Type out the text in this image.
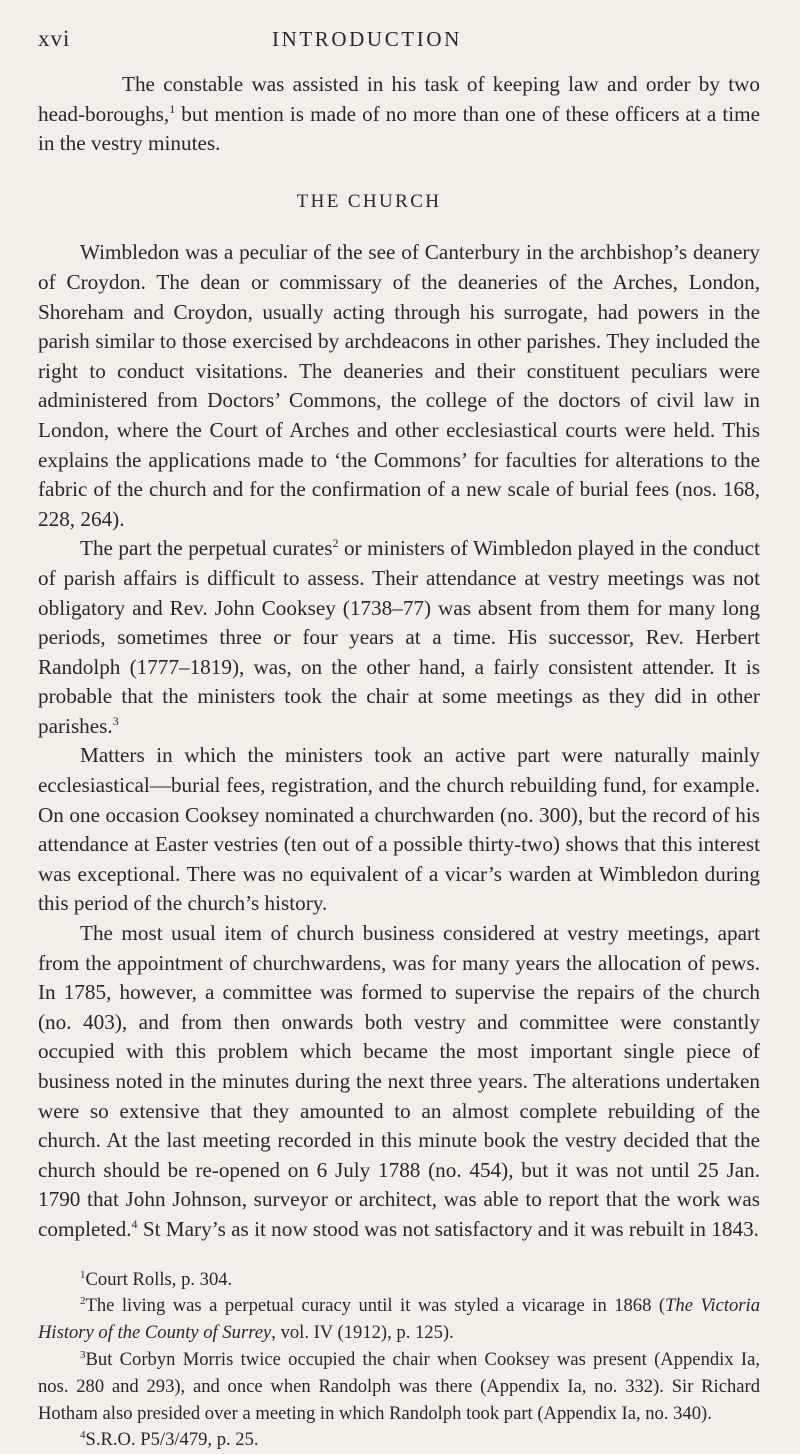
xvi	INTRODUCTION

The constable was assisted in his task of keeping law and order by two head-boroughs,$^1$ but mention is made of no more than one of these officers at a time in the vestry minutes.

THE CHURCH

Wimbledon was a peculiar of the see of Canterbury in the archbishop’s deanery of Croydon. The dean or commissary of the deaneries of the Arches, London, Shoreham and Croydon, usually acting through his surrogate, had powers in the parish similar to those exercised by archdeacons in other parishes. They included the right to conduct visitations. The deaneries and their constituent peculiars were administered from Doctors’ Commons, the college of the doctors of civil law in London, where the Court of Arches and other ecclesiastical courts were held. This explains the applications made to ‘the Commons’ for faculties for alterations to the fabric of the church and for the confirmation of a new scale of burial fees (nos. 168, 228, 264).

The part the perpetual curates$^2$ or ministers of Wimbledon played in the conduct of parish affairs is difficult to assess. Their attendance at vestry meetings was not obligatory and Rev. John Cooksey (1738–77) was absent from them for many long periods, sometimes three or four years at a time. His successor, Rev. Herbert Randolph (1777–1819), was, on the other hand, a fairly consistent attender. It is probable that the ministers took the chair at some meetings as they did in other parishes.$^3$

Matters in which the ministers took an active part were naturally mainly ecclesiastical—burial fees, registration, and the church rebuilding fund, for example. On one occasion Cooksey nominated a churchwarden (no. 300), but the record of his attendance at Easter vestries (ten out of a possible thirty-two) shows that this interest was exceptional. There was no equivalent of a vicar’s warden at Wimbledon during this period of the church’s history.

The most usual item of church business considered at vestry meetings, apart from the appointment of churchwardens, was for many years the allocation of pews. In 1785, however, a committee was formed to supervise the repairs of the church (no. 403), and from then onwards both vestry and committee were constantly occupied with this problem which became the most important single piece of business noted in the minutes during the next three years. The alterations undertaken were so extensive that they amounted to an almost complete rebuilding of the church. At the last meeting recorded in this minute book the vestry decided that the church should be re-opened on 6 July 1788 (no. 454), but it was not until 25 Jan. 1790 that John Johnson, surveyor or architect, was able to report that the work was completed.$^4$ St Mary’s as it now stood was not satisfactory and it was rebuilt in 1843.

$^1$Court Rolls, p. 304.

$^2$The living was a perpetual curacy until it was styled a vicarage in 1868 (The Victoria History of the County of Surrey, vol. IV (1912), p. 125).

$^3$But Corbyn Morris twice occupied the chair when Cooksey was present (Appendix Ia, nos. 280 and 293), and once when Randolph was there (Appendix Ia, no. 332). Sir Richard Hotham also presided over a meeting in which Randolph took part (Appendix Ia, no. 340).

$^4$S.R.O. P5/3/479, p. 25.
